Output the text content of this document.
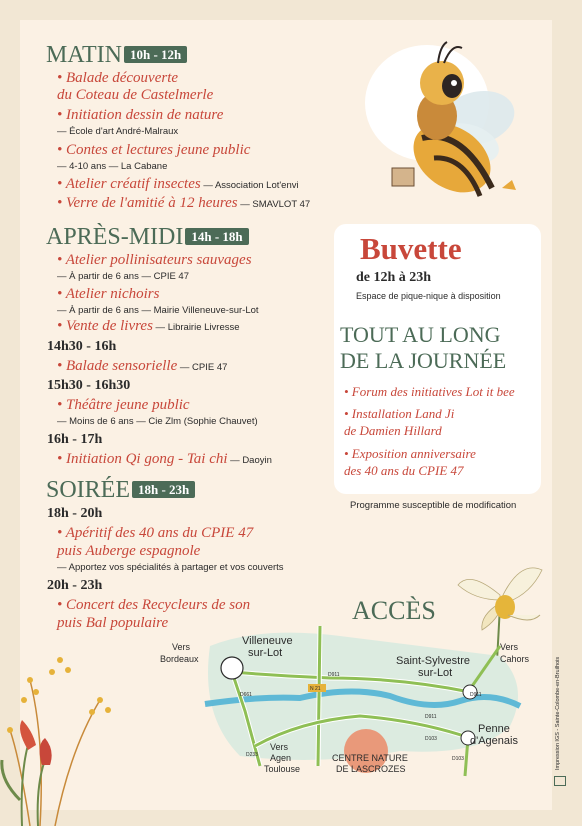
MATIN 10h - 12h
• Balade découverte
du Coteau de Castelmerle
• Initiation dessin de nature
— École d'art André-Malraux
• Contes et lectures jeune public
— 4-10 ans — La Cabane
• Atelier créatif insectes — Association Lot'envi
• Verre de l'amitié à 12 heures — SMAVLOT 47
APRÈS-MIDI 14h - 18h
• Atelier pollinisateurs sauvages
— À partir de 6 ans — CPIE 47
• Atelier nichoirs
— À partir de 6 ans — Mairie Villeneuve-sur-Lot
• Vente de livres — Librairie Livresse
14h30 - 16h
• Balade sensorielle — CPIE 47
15h30 - 16h30
• Théâtre jeune public
— Moins de 6 ans — Cie Zlm (Sophie Chauvet)
16h - 17h
• Initiation Qi gong - Tai chi — Daoyin
SOIRÉE 18h - 23h
18h - 20h
• Apéritif des 40 ans du CPIE 47
puis Auberge espagnole
— Apportez vos spécialités à partager et vos couverts
20h - 23h
• Concert des Recycleurs de son
puis Bal populaire
Buvette
de 12h à 23h
Espace de pique-nique à disposition
TOUT AU LONG
DE LA JOURNÉE
• Forum des initiatives Lot it bee
• Installation Land Ji
de Damien Hillard
• Exposition anniversaire
des 40 ans du CPIE 47
Programme susceptible de modification
ACCÈS
N 21
D661
D911
D911
D911
D103
D103
D233
Villeneuve
sur-Lot
Vers
Bordeaux	Saint-Sylvestre
sur-Lot
Vers
Cahors
Penne
d'Agenais
Vers
Agen
Toulouse
CENTRE NATURE
DE LASCROZES	Impression IGS - Sainte-Colombe-en-Bruilhois
